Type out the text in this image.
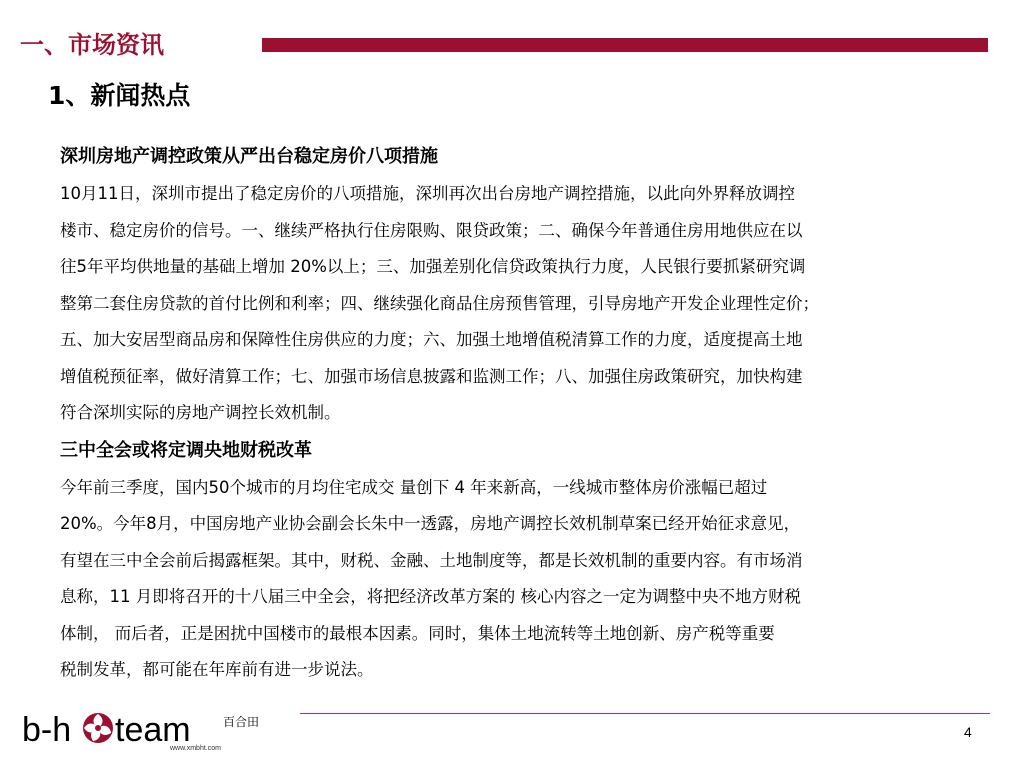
一、市场资讯
1、新闻热点
深圳房地产调控政策从严出台稳定房价八项措施
10月11日，深圳市提出了稳定房价的八项措施，深圳再次出台房地产调控措施，以此向外界释放调控
楼市、稳定房价的信号。一、继续严格执行住房限购、限贷政策；二、确保今年普通住房用地供应在以
往5年平均供地量的基础上增加 20%以上；三、加强差别化信贷政策执行力度，人民银行要抓紧研究调
整第二套住房贷款的首付比例和利率；四、继续强化商品住房预售管理，引导房地产开发企业理性定价；
五、加大安居型商品房和保障性住房供应的力度；六、加强土地增值税清算工作的力度，适度提高土地
增值税预征率，做好清算工作；七、加强市场信息披露和监测工作；八、加强住房政策研究，加快构建
符合深圳实际的房地产调控长效机制。
三中全会或将定调央地财税改革
今年前三季度，国内50个城市的月均住宅成交 量创下 4 年来新高，一线城市整体房价涨幅已超过
20%。今年8月，中国房地产业协会副会长朱中一透露，房地产调控长效机制草案已经开始征求意见，
有望在三中全会前后揭露框架。其中，财税、金融、土地制度等，都是长效机制的重要内容。有市场消
息称，11 月即将召开的十八届三中全会，将把经济改革方案的 核心内容之一定为调整中央不地方财税
体制， 而后者，正是困扰中国楼市的最根本因素。同时，集体土地流转等土地创新、房产税等重要
税制发革，都可能在年库前有进一步说法。
b-h team	百合田
www.xmbht.com
4
